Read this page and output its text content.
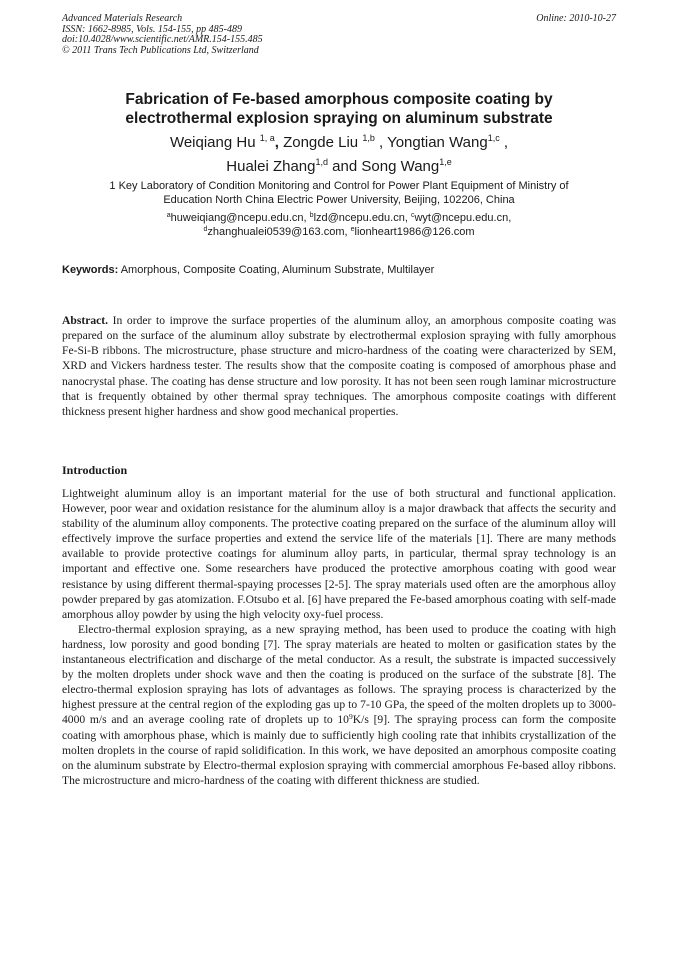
Advanced Materials Research
ISSN: 1662-8985, Vols. 154-155, pp 485-489
doi:10.4028/www.scientific.net/AMR.154-155.485
© 2011 Trans Tech Publications Ltd, Switzerland
Online: 2010-10-27
Fabrication of Fe-based amorphous composite coating by
electrothermal explosion spraying on aluminum substrate
Weiqiang Hu $^{1, a}$, Zongde Liu $^{1,b}$ , Yongtian Wang$^{1,c}$ ,
Hualei Zhang$^{1,d}$ and Song Wang$^{1,e}$
1 Key Laboratory of Condition Monitoring and Control for Power Plant Equipment of Ministry of
Education North China Electric Power University, Beijing, 102206, China
$^a$huweiqiang@ncepu.edu.cn, $^b$lzd@ncepu.edu.cn, $^c$wyt@ncepu.edu.cn,
$^d$zhanghualei0539@163.com, $^e$lionheart1986@126.com
Keywords: Amorphous, Composite Coating, Aluminum Substrate, Multilayer
Abstract. In order to improve the surface properties of the aluminum alloy, an amorphous composite coating was prepared on the surface of the aluminum alloy substrate by electrothermal explosion spraying with fully amorphous Fe-Si-B ribbons. The microstructure, phase structure and micro-hardness of the coating were characterized by SEM, XRD and Vickers hardness tester. The results show that the composite coating is composed of amorphous phase and nanocrystal phase. The coating has dense structure and low porosity. It has not been seen rough laminar microstructure that is frequently obtained by other thermal spray techniques. The amorphous composite coatings with different thickness present higher hardness and show good mechanical properties.
Introduction

Lightweight aluminum alloy is an important material for the use of both structural and functional application. However, poor wear and oxidation resistance for the aluminum alloy is a major drawback that affects the security and stability of the aluminum alloy components. The protective coating prepared on the surface of the aluminum alloy will effectively improve the surface properties and extend the service life of the materials [1]. There are many methods available to provide protective coatings for aluminum alloy parts, in particular, thermal spray technology is an important and effective one. Some researchers have produced the protective amorphous coating with good wear resistance by using different thermal-spaying processes [2-5]. The spray materials used often are the amorphous alloy powder prepared by gas atomization. F.Otsubo et al. [6] have prepared the Fe-based amorphous coating with self-made amorphous alloy powder by using the high velocity oxy-fuel process.

Electro-thermal explosion spraying, as a new spraying method, has been used to produce the coating with high hardness, low porosity and good bonding [7]. The spray materials are heated to molten or gasification states by the instantaneous electrification and discharge of the metal conductor. As a result, the substrate is impacted successively by the molten droplets under shock wave and then the coating is produced on the surface of the substrate [8]. The electro-thermal explosion spraying has lots of advantages as follows. The spraying process is characterized by the highest pressure at the central region of the exploding gas up to 7-10 GPa, the speed of the molten droplets up to 3000-4000 m/s and an average cooling rate of droplets up to $10^9K/s$ [9]. The spraying process can form the composite coating with amorphous phase, which is mainly due to sufficiently high cooling rate that inhibits crystallization of the molten droplets in the course of rapid solidification. In this work, we have deposited an amorphous composite coating on the aluminum substrate by Electro-thermal explosion spraying with commercial amorphous Fe-based alloy ribbons. The microstructure and micro-hardness of the coating with different thickness are studied.
